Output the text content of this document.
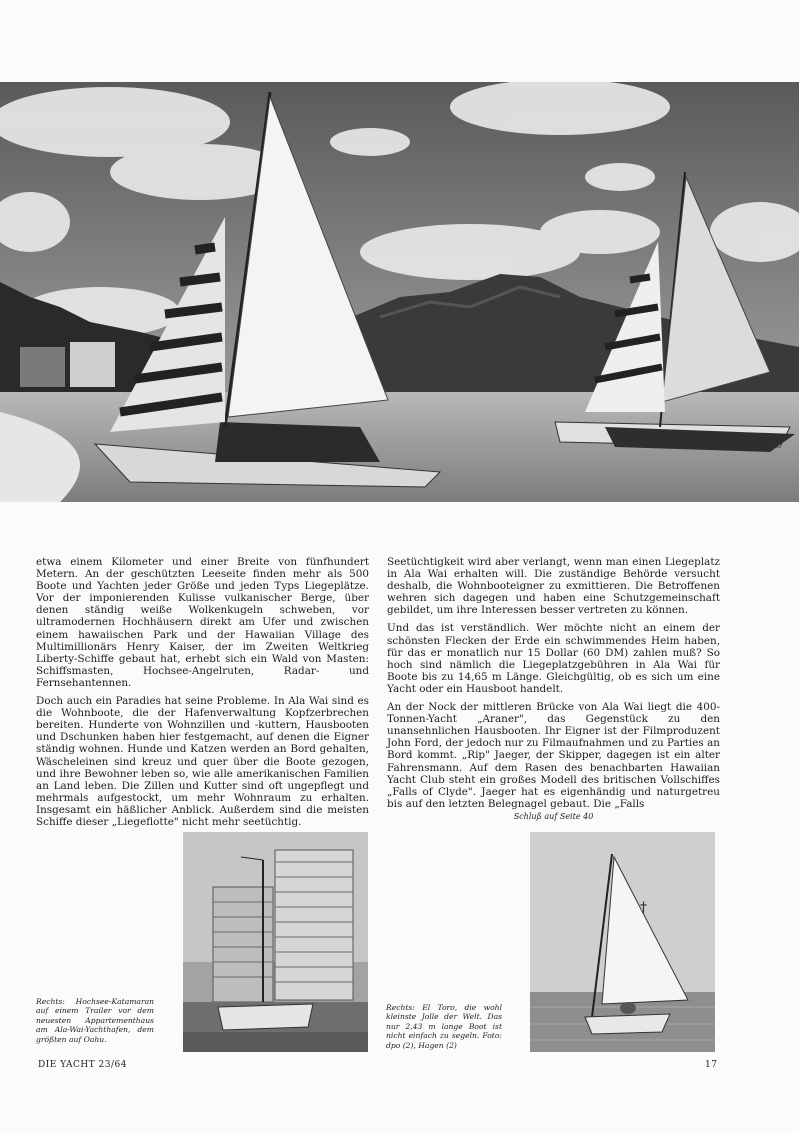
etwa einem Kilometer und einer Breite von fünfhundert Metern. An der geschützten Leeseite finden mehr als 500 Boote und Yachten jeder Größe und jeden Typs Liegeplätze. Vor der imponierenden Kulisse vulkanischer Berge, über denen ständig weiße Wolkenkugeln schweben, vor ultramodernen Hochhäusern direkt am Ufer und zwischen einem hawaiischen Park und der Hawaiian Village des Multimillionärs Henry Kaiser, der im Zweiten Weltkrieg Liberty-Schiffe gebaut hat, erhebt sich ein Wald von Masten: Schiffsmasten, Hochsee-Angelruten, Radar- und Fernsehantennen.

Doch auch ein Paradies hat seine Probleme. In Ala Wai sind es die Wohnboote, die der Hafenverwaltung Kopfzerbrechen bereiten. Hunderte von Wohnzillen und -kuttern, Hausbooten und Dschunken haben hier festgemacht, auf denen die Eigner ständig wohnen. Hunde und Katzen werden an Bord gehalten, Wäscheleinen sind kreuz und quer über die Boote gezogen, und ihre Bewohner leben so, wie alle amerikanischen Familien an Land leben. Die Zillen und Kutter sind oft ungepflegt und mehrmals aufgestockt, um mehr Wohnraum zu erhalten. Insgesamt ein häßlicher Anblick. Außerdem sind die meisten Schiffe dieser „Liegeflotte" nicht mehr seetüchtig.

Seetüchtigkeit wird aber verlangt, wenn man einen Liegeplatz in Ala Wai erhalten will. Die zuständige Behörde versucht deshalb, die Wohnbooteigner zu exmittieren. Die Betroffenen wehren sich dagegen und haben eine Schutzgemeinschaft gebildet, um ihre Interessen besser vertreten zu können.

Und das ist verständlich. Wer möchte nicht an einem der schönsten Flecken der Erde ein schwimmendes Heim haben, für das er monatlich nur 15 Dollar (60 DM) zahlen muß? So hoch sind nämlich die Liegeplatzgebühren in Ala Wai für Boote bis zu 14,65 m Länge. Gleichgültig, ob es sich um eine Yacht oder ein Hausboot handelt.

An der Nock der mittleren Brücke von Ala Wai liegt die 400-Tonnen-Yacht „Araner", das Gegenstück zu den unansehnlichen Hausbooten. Ihr Eigner ist der Filmproduzent John Ford, der jedoch nur zu Filmaufnahmen und zu Parties an Bord kommt. „Rip" Jaeger, der Skipper, dagegen ist ein alter Fahrensmann. Auf dem Rasen des benachbarten Hawaiian Yacht Club steht ein großes Modell des britischen Vollschiffes „Falls of Clyde". Jaeger hat es eigenhändig und naturgetreu bis auf den letzten Belegnagel gebaut. Die „Falls

Schluß auf Seite 40
Rechts: Hochsee-Katamaran auf einem Trailer vor dem neuesten Appartementhaus am Ala-Wai-Yachthafen, dem größten auf Oahu.
Rechts: El Toro, die wohl kleinste Jolle der Welt. Das nur 2,43 m lange Boot ist nicht einfach zu segeln. Foto: dpo (2), Hagen (2)
†
DIE YACHT 23/64	17
